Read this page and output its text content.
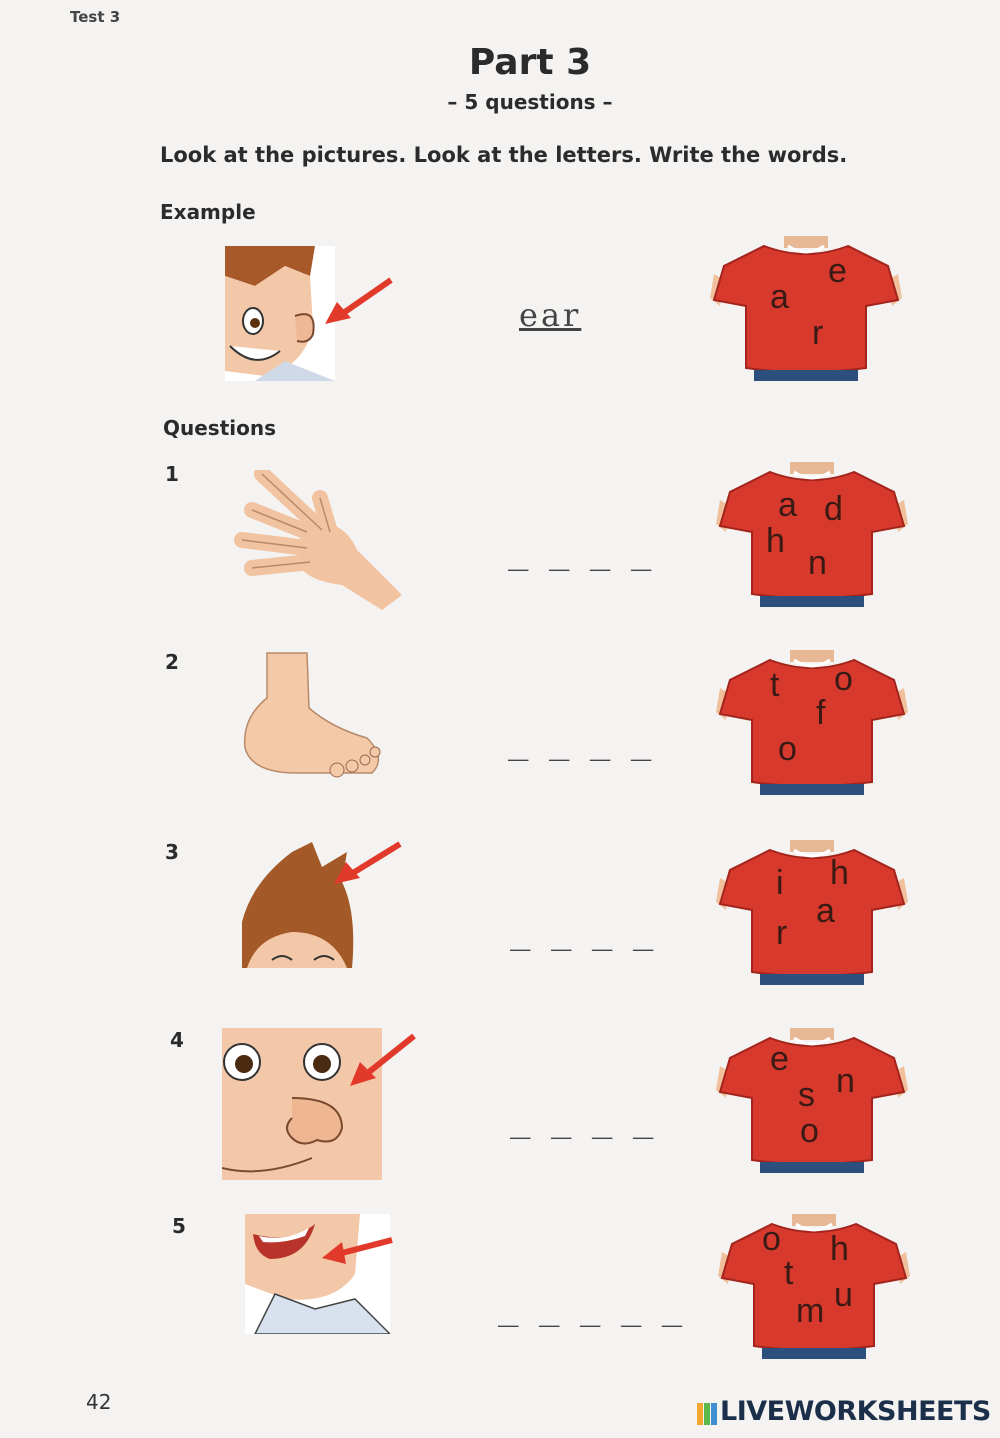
Test 3
Part 3
– 5 questions –
Look at the pictures. Look at the letters. Write the words.
Example
ear
e
a
r
Questions
1
_ _ _ _
a d
h
n
2
_ _ _ _
t o
f
o
3
_ _ _ _
i h
a
r
4
_ _ _ _
e
n
s
o
5
_ _ _ _ _
o h
t
u
m
42	LIVEWORKSHEETS
